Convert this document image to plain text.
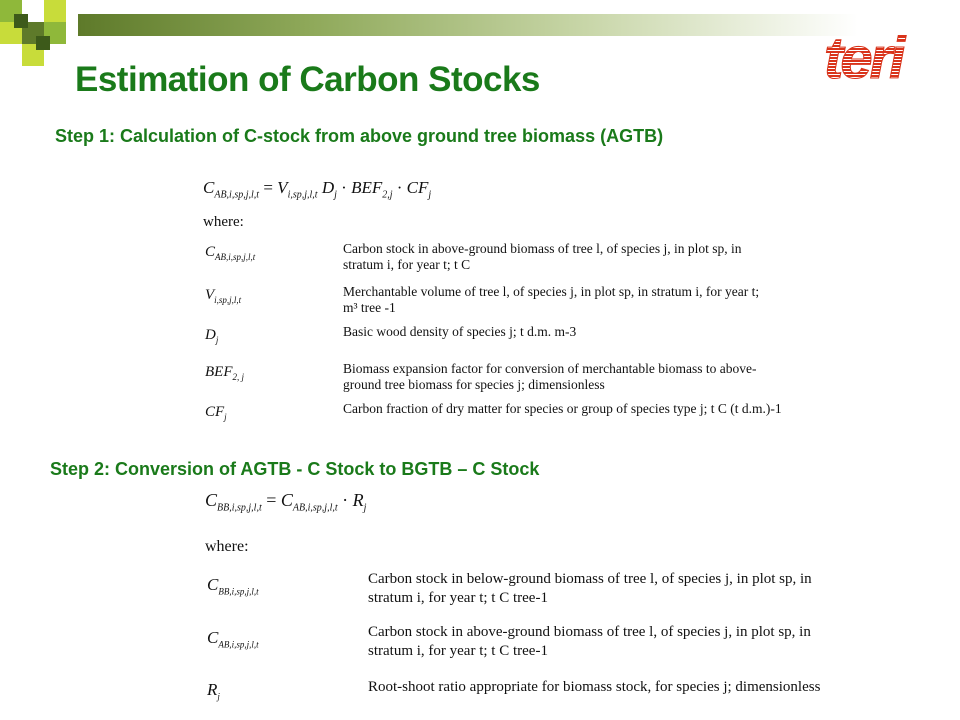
Estimation of Carbon Stocks	teri
Step 1: Calculation of C-stock from above ground tree biomass (AGTB)
$C_{AB,i,sp,j,l,t} = V_{i,sp,j,l,t}$ $D_j \cdot BEF_{2,j} \cdot CF_j$
where:
$C_{AB,i,sp,j,l,t}$
Carbon stock in above-ground biomass of tree l, of species j, in plot sp, in
stratum i, for year t; t C
$V_{i,sp,j,l,t}$
Merchantable volume of tree l, of species j, in plot sp, in stratum i, for year t;
m³ tree -1
$D_j$
Basic wood density of species j; t d.m. m-3
$BEF_{2, j}$
Biomass expansion factor for conversion of merchantable biomass to above-
ground tree biomass for species j; dimensionless
$CF_j$
Carbon fraction of dry matter for species or group of species type j; t C (t d.m.)-1
Step 2: Conversion of AGTB - C Stock to BGTB – C Stock
$C_{BB,i,sp,j,l,t} = C_{AB,i,sp,j,l,t} \cdot R_j$
where:
$C_{BB,i,sp,j,l,t}$
Carbon stock in below-ground biomass of tree l, of species j, in plot sp, in
stratum i, for year t; t C tree-1
$C_{AB,i,sp,j,l,t}$
Carbon stock in above-ground biomass of tree l, of species j, in plot sp, in
stratum i, for year t; t C tree-1
$R_j$
Root-shoot ratio appropriate for biomass stock, for species j; dimensionless
